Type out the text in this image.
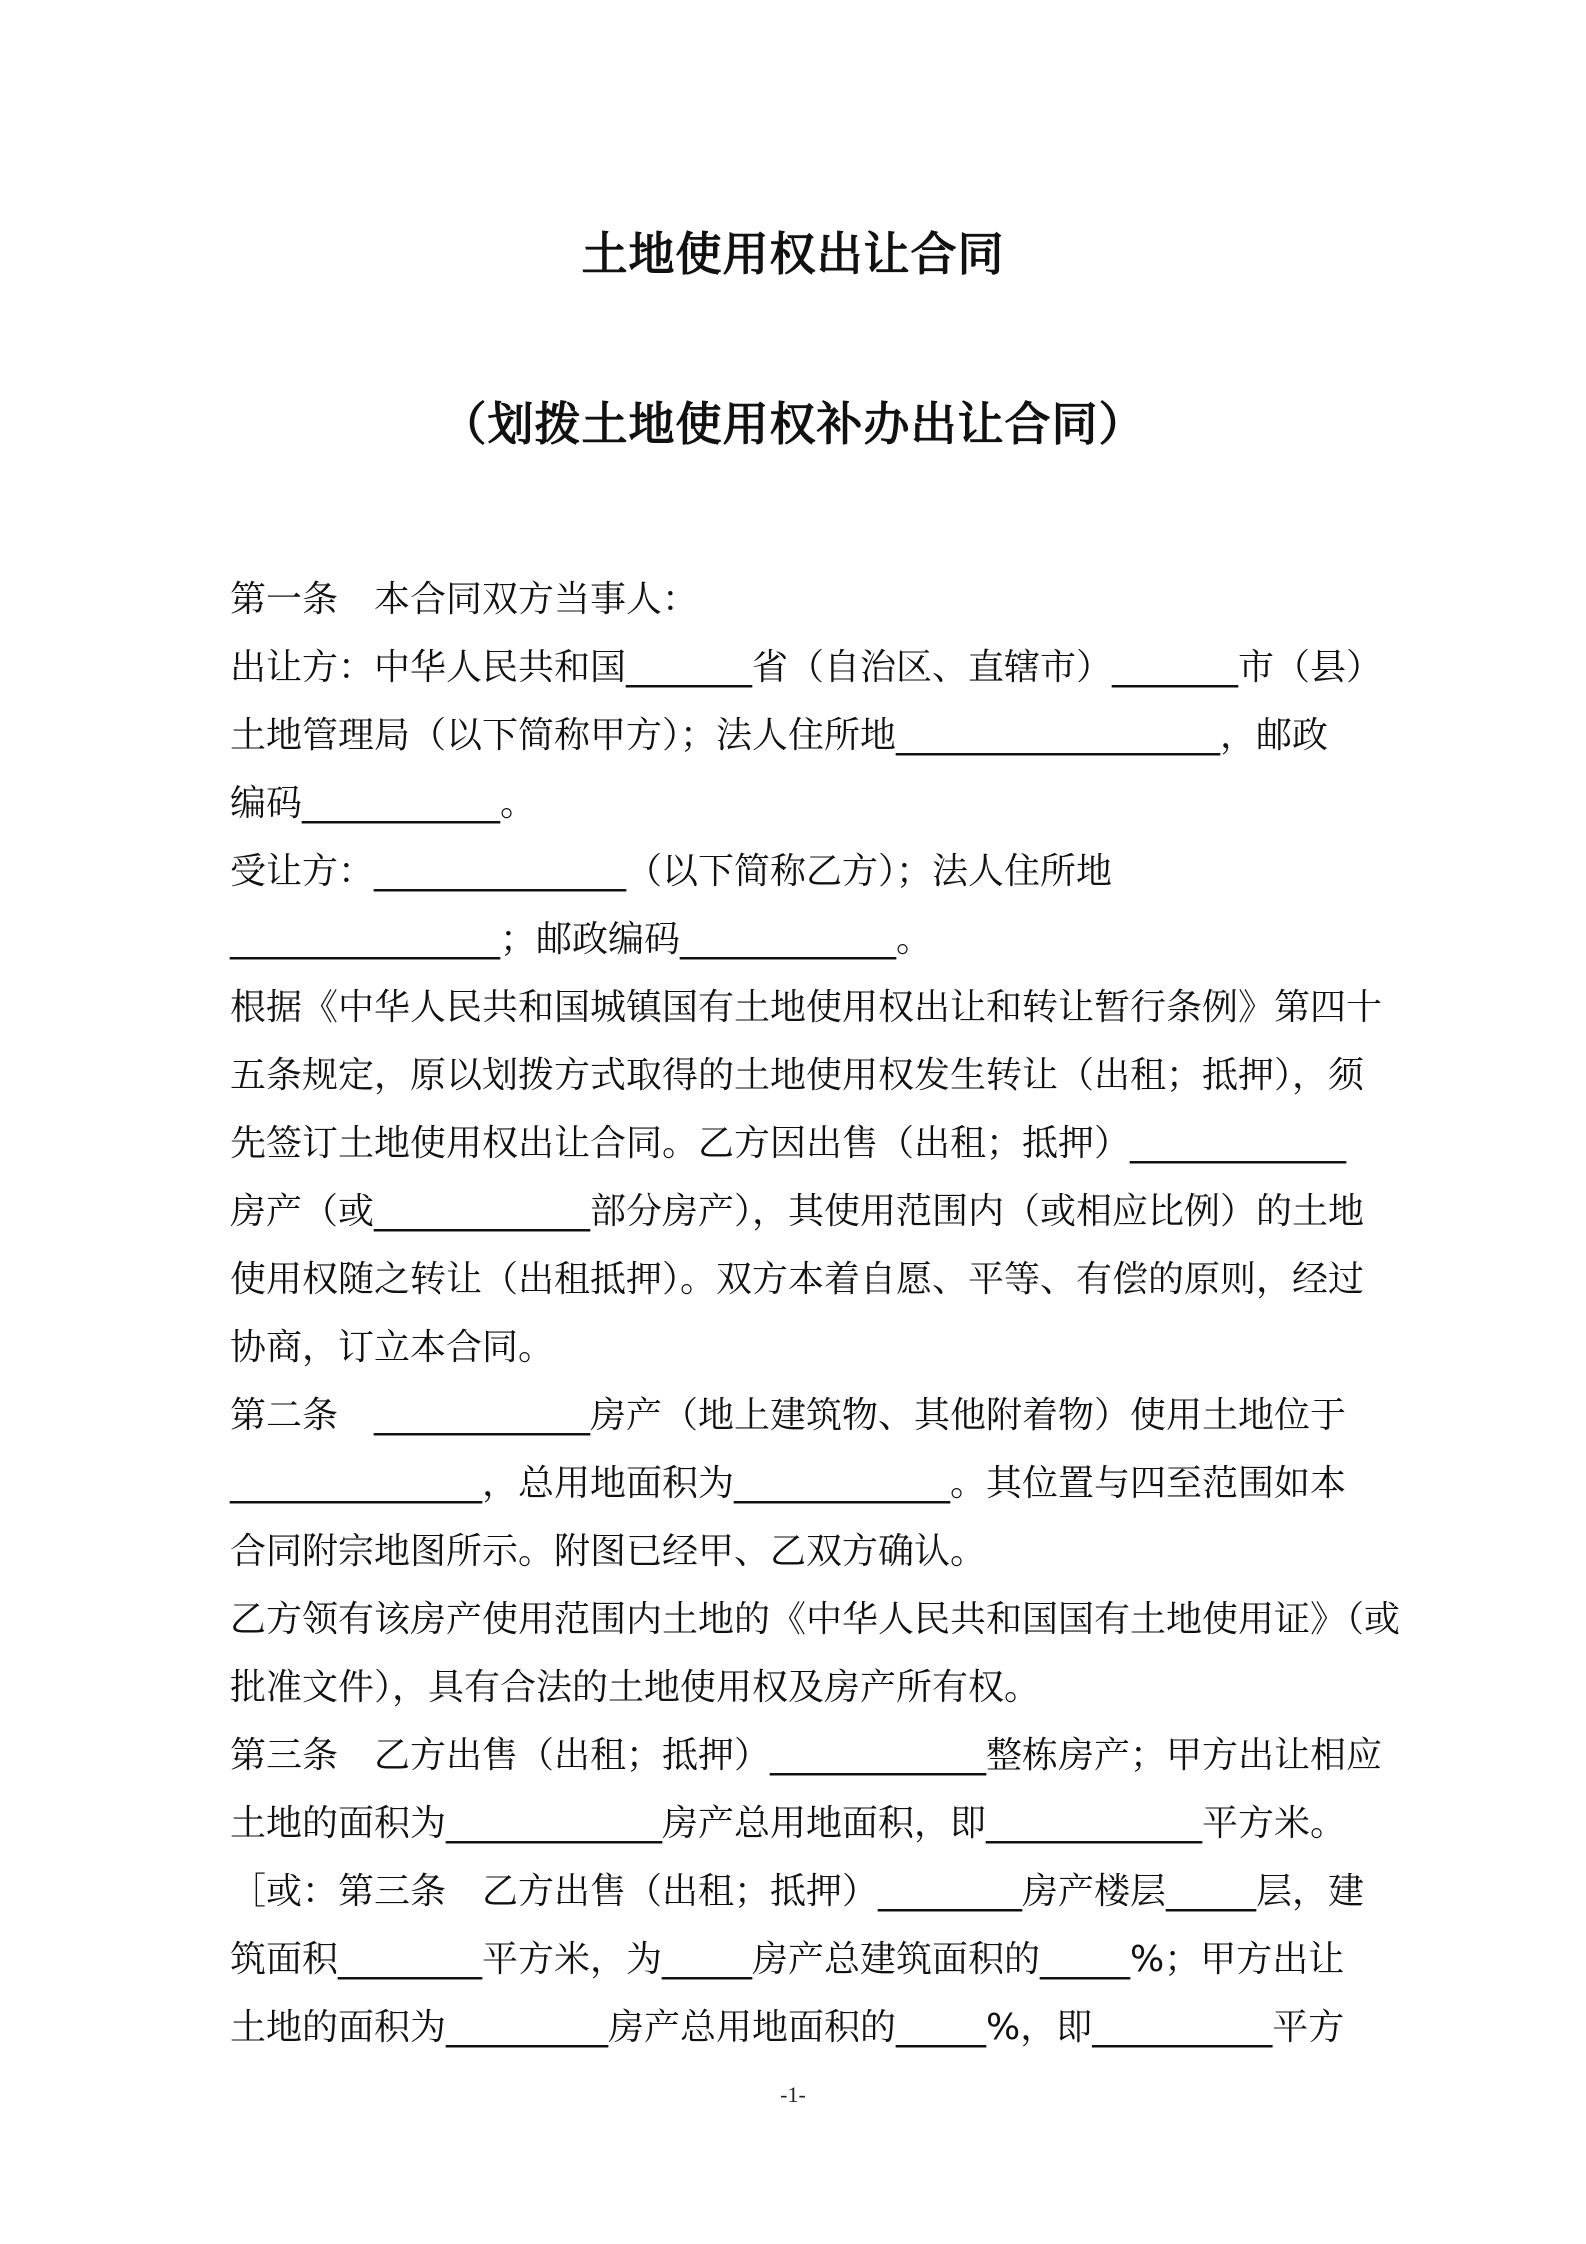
土地使用权出让合同
（划拨土地使用权补办出让合同）
第一条　本合同双方当事人：
出让方：中华人民共和国_______省（自治区、直辖市）_______市（县）
土地管理局（以下简称甲方）；法人住所地__________________，邮政
编码___________。
受让方：______________（以下简称乙方）；法人住所地
_______________；邮政编码____________。
根据《中华人民共和国城镇国有土地使用权出让和转让暂行条例》第四十
五条规定，原以划拨方式取得的土地使用权发生转让（出租；抵押），须
先签订土地使用权出让合同。乙方因出售（出租；抵押）____________
房产（或____________部分房产），其使用范围内（或相应比例）的土地
使用权随之转让（出租抵押）。双方本着自愿、平等、有偿的原则，经过
协商，订立本合同。
第二条　____________房产（地上建筑物、其他附着物）使用土地位于
______________，总用地面积为____________。其位置与四至范围如本
合同附宗地图所示。附图已经甲、乙双方确认。
乙方领有该房产使用范围内土地的《中华人民共和国国有土地使用证》（或
批准文件），具有合法的土地使用权及房产所有权。
第三条　乙方出售（出租；抵押）____________整栋房产；甲方出让相应
土地的面积为____________房产总用地面积，即____________平方米。
［或：第三条　乙方出售（出租；抵押）________房产楼层_____层，建
筑面积________平方米，为_____房产总建筑面积的_____%；甲方出让
土地的面积为_________房产总用地面积的_____%，即__________平方
-1-
